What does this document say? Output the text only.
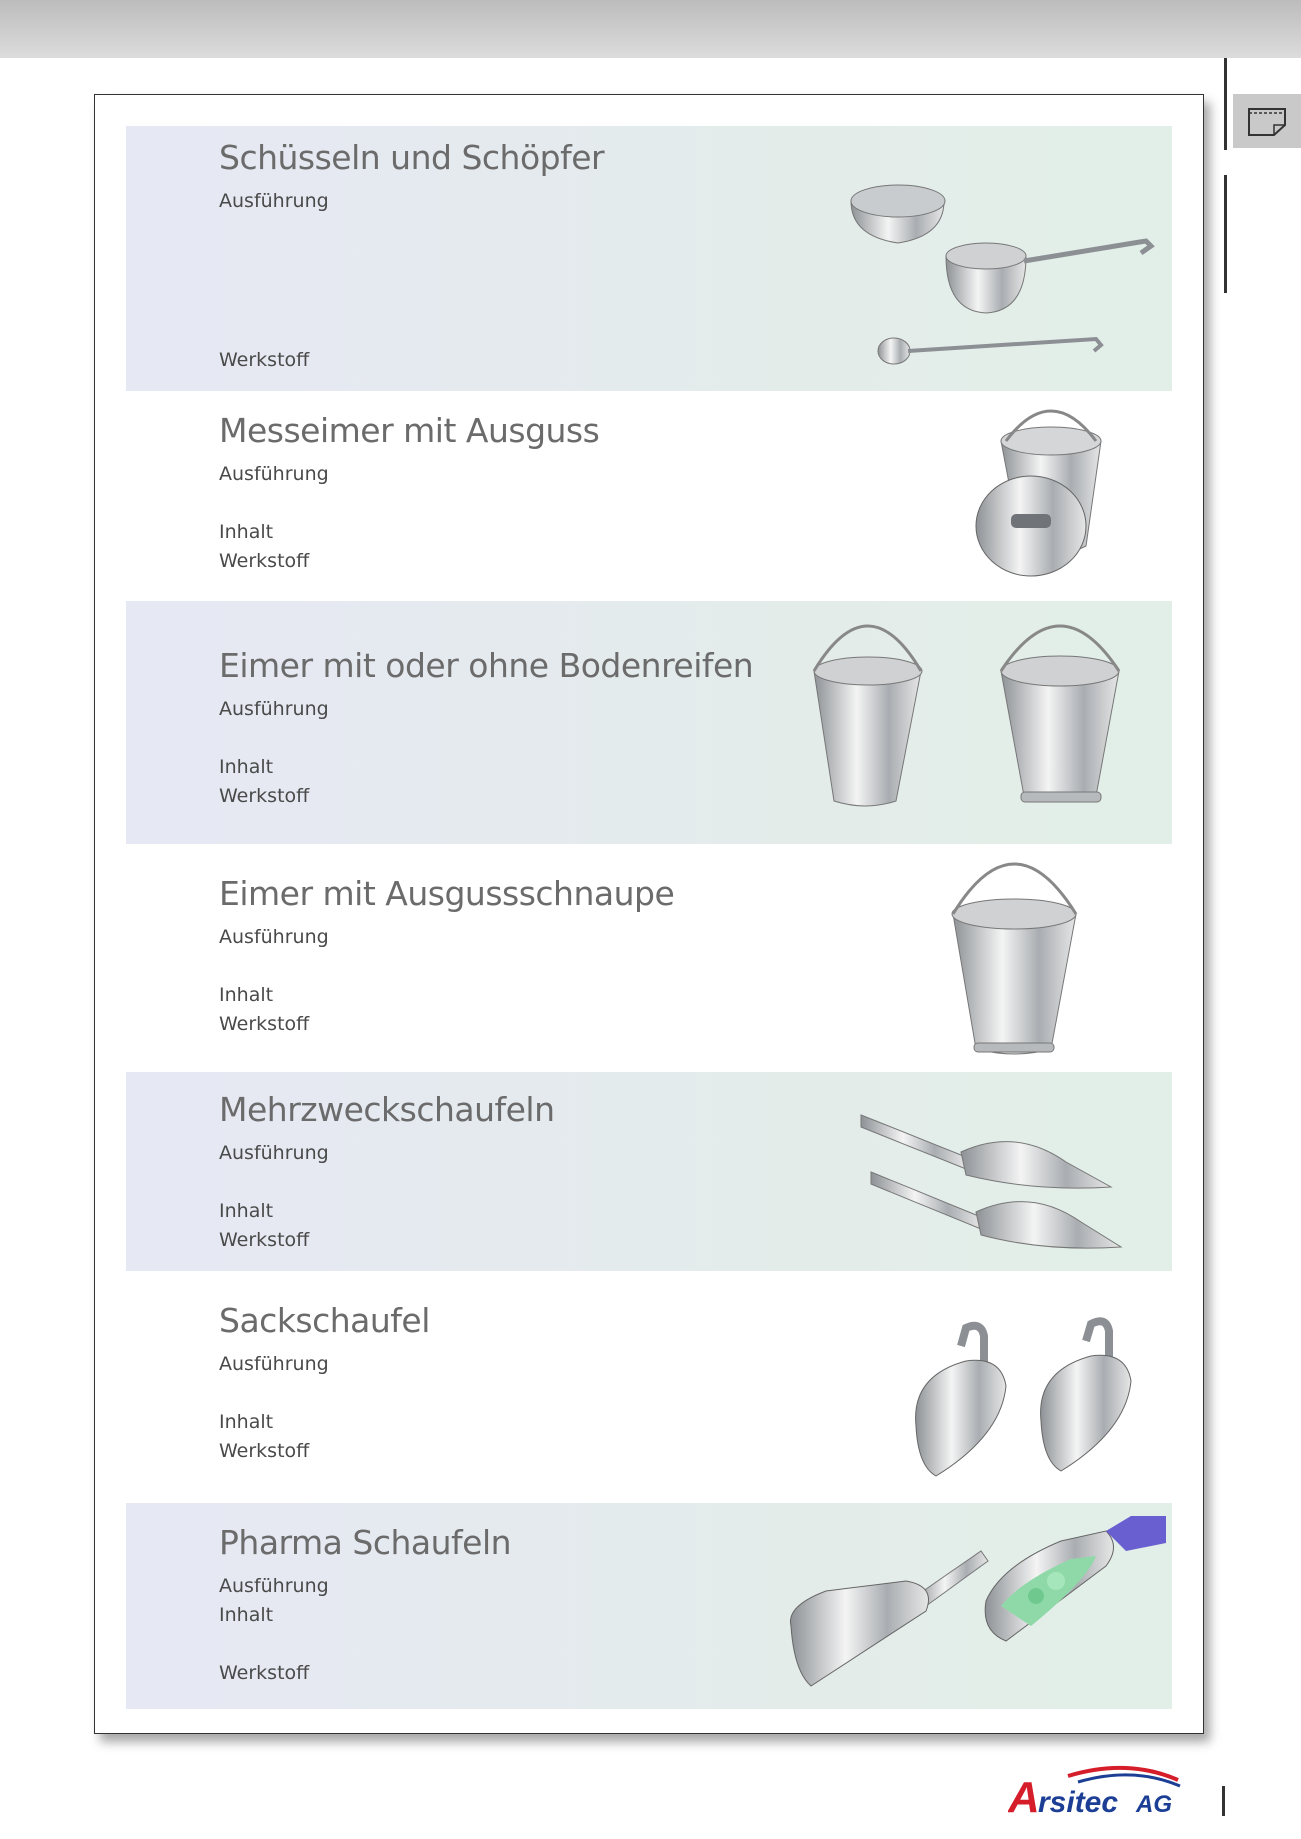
Schüsseln und Schöpfer
Ausführung
Werkstoff
Messeimer mit Ausguss
Ausführung
Inhalt
Werkstoff
Eimer mit oder ohne Bodenreifen
Ausführung
Inhalt
Werkstoff
Eimer mit Ausgussschnaupe
Ausführung
Inhalt
Werkstoff
Mehrzweckschaufeln
Ausführung
Inhalt
Werkstoff
Sackschaufel
Ausführung
Inhalt
Werkstoff
Pharma Schaufeln
Ausführung
Inhalt
Werkstoff
A
rsitec AG
